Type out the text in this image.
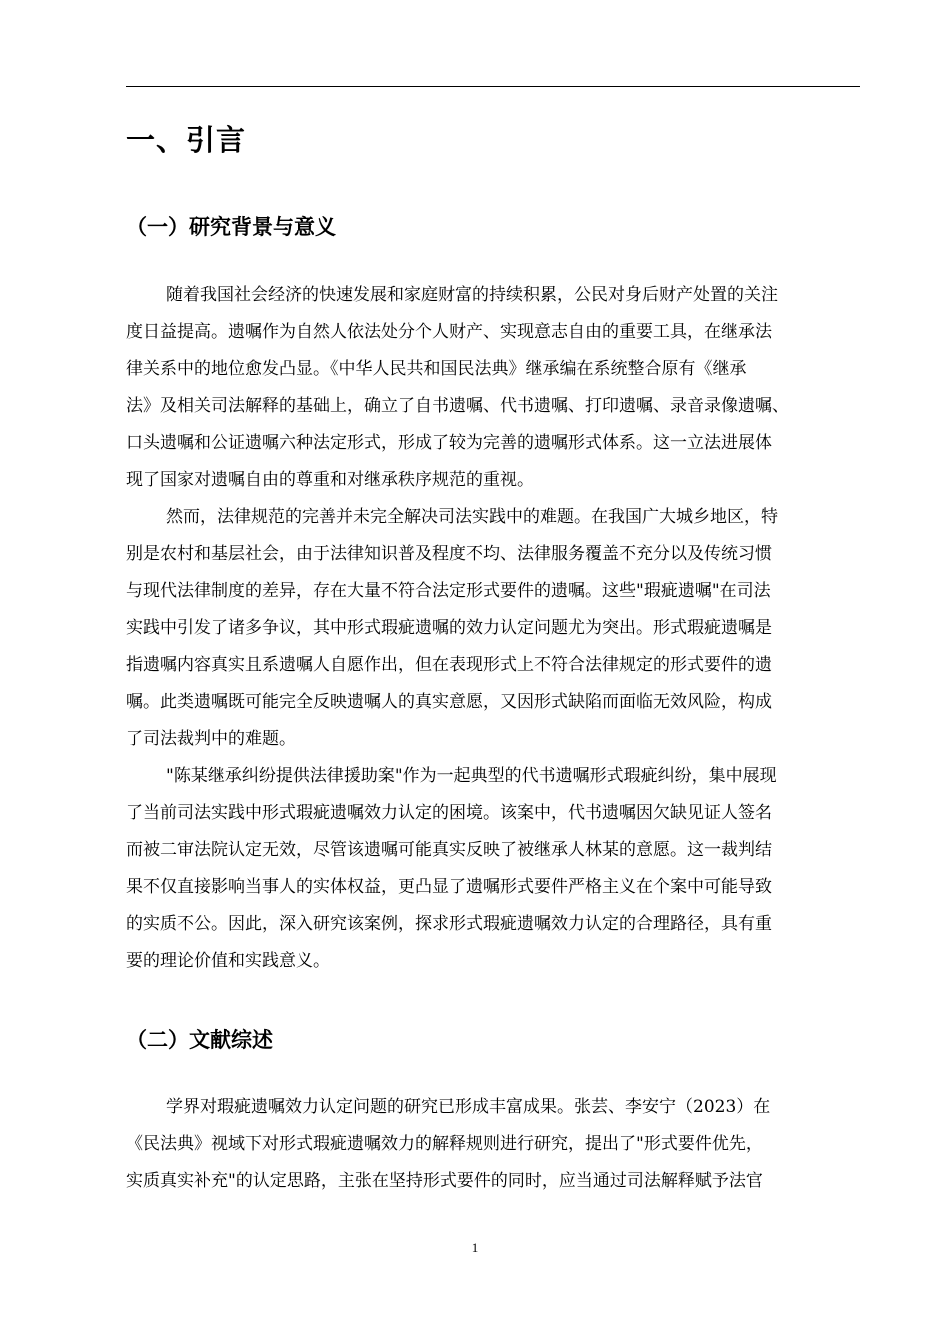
一、引言
（一）研究背景与意义

随着我国社会经济的快速发展和家庭财富的持续积累，公民对身后财产处置的关注

度日益提高。遗嘱作为自然人依法处分个人财产、实现意志自由的重要工具，在继承法

律关系中的地位愈发凸显。《中华人民共和国民法典》继承编在系统整合原有《继承

法》及相关司法解释的基础上，确立了自书遗嘱、代书遗嘱、打印遗嘱、录音录像遗嘱、

口头遗嘱和公证遗嘱六种法定形式，形成了较为完善的遗嘱形式体系。这一立法进展体

现了国家对遗嘱自由的尊重和对继承秩序规范的重视。

然而，法律规范的完善并未完全解决司法实践中的难题。在我国广大城乡地区，特

别是农村和基层社会，由于法律知识普及程度不均、法律服务覆盖不充分以及传统习惯

与现代法律制度的差异，存在大量不符合法定形式要件的遗嘱。这些"瑕疵遗嘱"在司法

实践中引发了诸多争议，其中形式瑕疵遗嘱的效力认定问题尤为突出。形式瑕疵遗嘱是

指遗嘱内容真实且系遗嘱人自愿作出，但在表现形式上不符合法律规定的形式要件的遗

嘱。此类遗嘱既可能完全反映遗嘱人的真实意愿，又因形式缺陷而面临无效风险，构成

了司法裁判中的难题。

"陈某继承纠纷提供法律援助案"作为一起典型的代书遗嘱形式瑕疵纠纷，集中展现

了当前司法实践中形式瑕疵遗嘱效力认定的困境。该案中，代书遗嘱因欠缺见证人签名

而被二审法院认定无效，尽管该遗嘱可能真实反映了被继承人林某的意愿。这一裁判结

果不仅直接影响当事人的实体权益，更凸显了遗嘱形式要件严格主义在个案中可能导致

的实质不公。因此，深入研究该案例，探求形式瑕疵遗嘱效力认定的合理路径，具有重

要的理论价值和实践意义。

（二）文献综述

学界对瑕疵遗嘱效力认定问题的研究已形成丰富成果。张芸、李安宁（2023）在

《民法典》视域下对形式瑕疵遗嘱效力的解释规则进行研究，提出了"形式要件优先，

实质真实补充"的认定思路，主张在坚持形式要件的同时，应当通过司法解释赋予法官

1
